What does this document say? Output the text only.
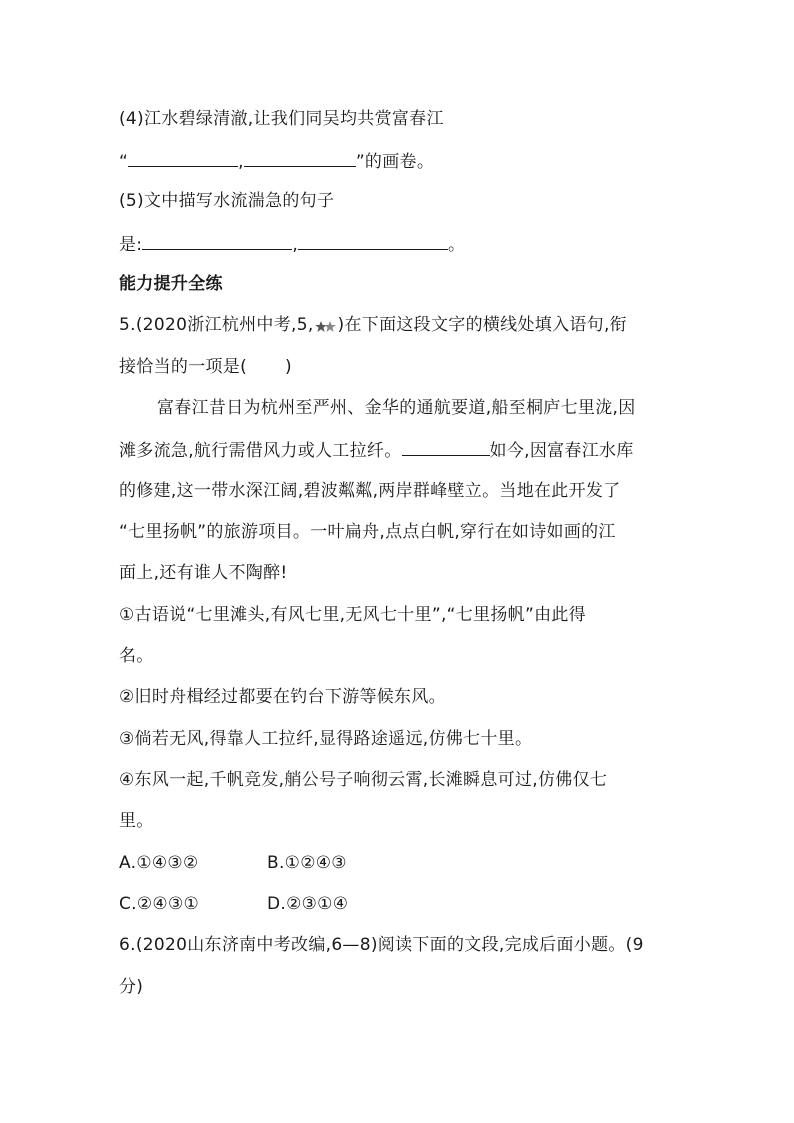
(4)江水碧绿清澈,让我们同吴均共赏富春江
“	,	”的画卷。
(5)文中描写水流湍急的句子
是:	,	。
能力提升全练
5.(2020浙江杭州中考,5, )在下面这段文字的横线处填入语句,衔
接恰当的一项是( )
富春江昔日为杭州至严州、金华的通航要道,船至桐庐七里泷,因
滩多流急,航行需借风力或人工拉纤。	如今,因富春江水库
的修建,这一带水深江阔,碧波粼粼,两岸群峰壁立。当地在此开发了
“七里扬帆”的旅游项目。一叶扁舟,点点白帆,穿行在如诗如画的江
面上,还有谁人不陶醉!
①古语说“七里滩头,有风七里,无风七十里”,“七里扬帆”由此得
名。
②旧时舟楫经过都要在钓台下游等候东风。
③倘若无风,得靠人工拉纤,显得路途遥远,仿佛七十里。
④东风一起,千帆竞发,艄公号子响彻云霄,长滩瞬息可过,仿佛仅七
里。
A.①④③②	B.①②④③
C.②④③①	D.②③①④
6.(2020山东济南中考改编,6—8)阅读下面的文段,完成后面小题。(9
分)
